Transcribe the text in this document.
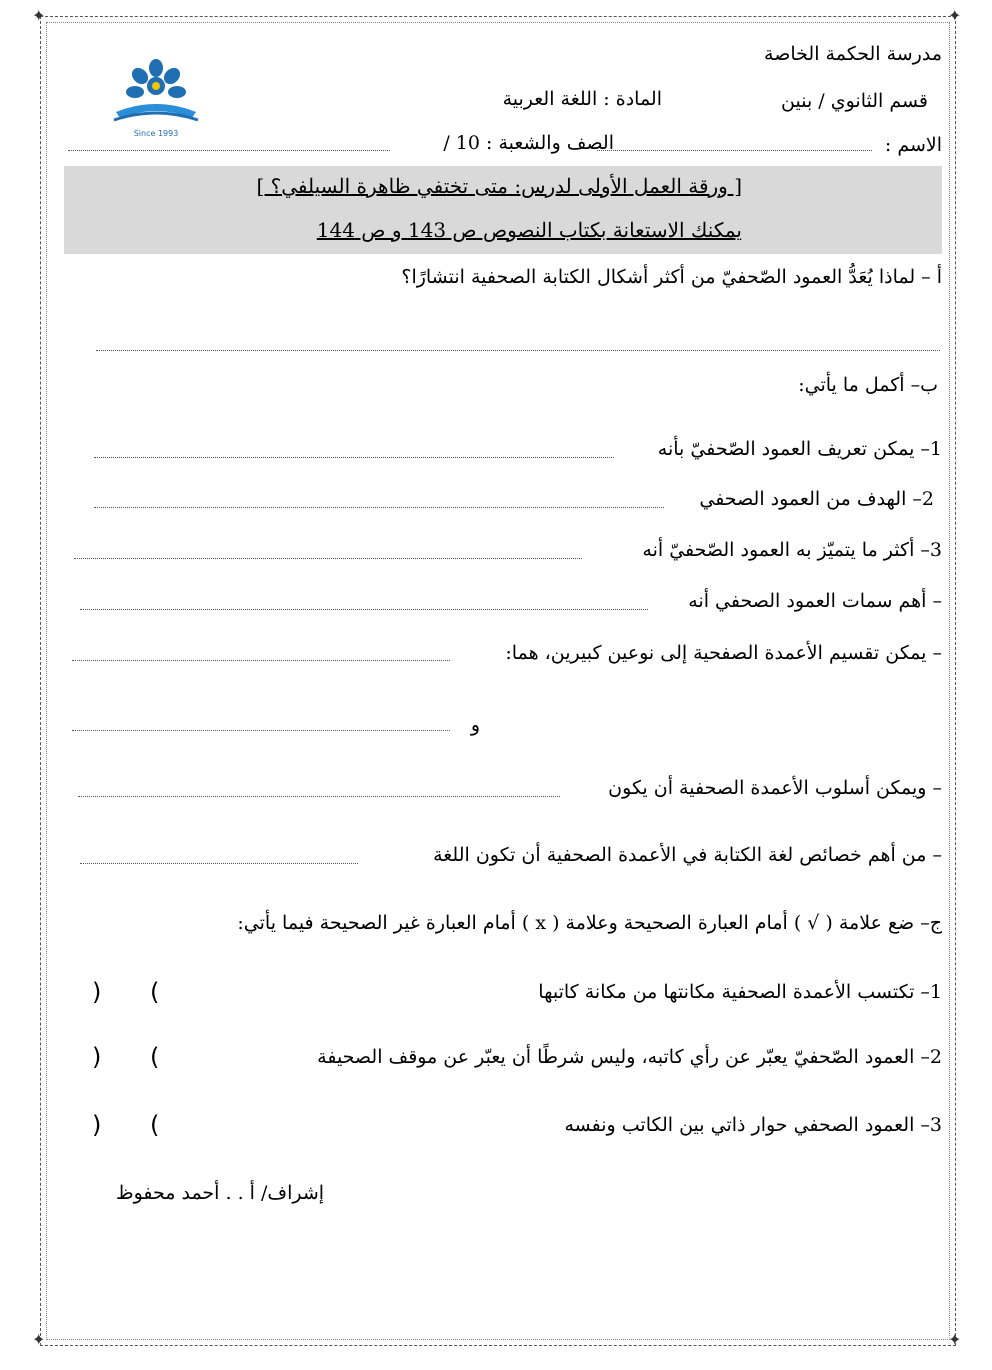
✦	✦
✦	✦
Since 1993
مدرسة الحكمة الخاصة
قسم الثانوي / بنين
المادة : اللغة العربية
الاسم :
الصف والشعبة : 10 /
[ ورقة العمل الأولى لدرس: متى تختفي ظاهرة السيلفي؟ ]
يمكنك الاستعانة بكتاب النصوص ص 143 و ص 144
أ – لماذا يُعَدُّ العمود الصّحفيّ من أكثر أشكال الكتابة الصحفية انتشارًا؟
ب– أكمل ما يأتي:
1– يمكن تعريف العمود الصّحفيّ بأنه
2– الهدف من العمود الصحفي
3– أكثر ما يتميّز به العمود الصّحفيّ أنه
– أهم سمات العمود الصحفي أنه
– يمكن تقسيم الأعمدة الصفحية إلى نوعين كبيرين، هما:
و
– ويمكن أسلوب الأعمدة الصحفية أن يكون
– من أهم خصائص لغة الكتابة في الأعمدة الصحفية أن تكون اللغة
ج– ضع علامة ( √ ) أمام العبارة الصحيحة وعلامة ( x ) أمام العبارة غير الصحيحة فيما يأتي:
1– تكتسب الأعمدة الصحفية مكانتها من مكانة كاتبها
(
)
2– العمود الصّحفيّ يعبّر عن رأي كاتبه، وليس شرطًا أن يعبّر عن موقف الصحيفة
(
)
3– العمود الصحفي حوار ذاتي بين الكاتب ونفسه
(
)
إشراف/ أ . . أحمد محفوظ
